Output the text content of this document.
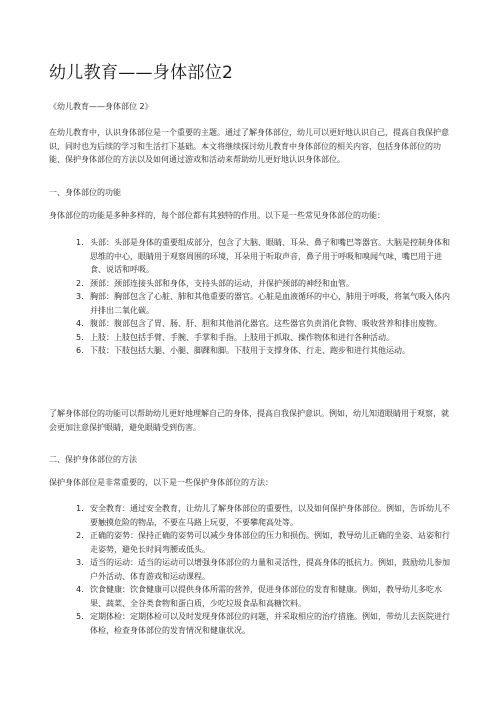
幼儿教育——身体部位2
《幼儿教育——身体部位 2》
在幼儿教育中，认识身体部位是一个重要的主题。通过了解身体部位，幼儿可以更好地认识自己，提高自我保护意识，同时也为后续的学习和生活打下基础。本文将继续探讨幼儿教育中身体部位的相关内容，包括身体部位的功能、保护身体部位的方法以及如何通过游戏和活动来帮助幼儿更好地认识身体部位。
一、身体部位的功能
身体部位的功能是多种多样的，每个部位都有其独特的作用。以下是一些常见身体部位的功能：
1. 头部：头部是身体的重要组成部分，包含了大脑、眼睛、耳朵、鼻子和嘴巴等器官。大脑是控制身体和思维的中心，眼睛用于观察周围的环境，耳朵用于听取声音，鼻子用于呼吸和嗅闻气味，嘴巴用于进食、说话和呼吸。
2. 颈部：颈部连接头部和身体，支持头部的运动，并保护颈部的神经和血管。
3. 胸部：胸部包含了心脏、肺和其他重要的器官。心脏是血液循环的中心，肺用于呼吸，将氧气吸入体内并排出二氧化碳。
4. 腹部：腹部包含了胃、肠、肝、胆和其他消化器官。这些器官负责消化食物、吸收营养和排出废物。
5. 上肢：上肢包括手臂、手腕、手掌和手指。上肢用于抓取、操作物体和进行各种活动。
6. 下肢：下肢包括大腿、小腿、脚踝和脚。下肢用于支撑身体、行走、跑步和进行其他运动。
了解身体部位的功能可以帮助幼儿更好地理解自己的身体，提高自我保护意识。例如，幼儿知道眼睛用于观察，就会更加注意保护眼睛，避免眼睛受到伤害。
二、保护身体部位的方法
保护身体部位是非常重要的，以下是一些保护身体部位的方法：
1. 安全教育：通过安全教育，让幼儿了解身体部位的重要性，以及如何保护身体部位。例如，告诉幼儿不要触摸危险的物品，不要在马路上玩耍，不要攀爬高处等。
2. 正确的姿势：保持正确的姿势可以减少身体部位的压力和损伤。例如，教导幼儿正确的坐姿、站姿和行走姿势，避免长时间弯腰或低头。
3. 适当的运动：适当的运动可以增强身体部位的力量和灵活性，提高身体的抵抗力。例如，鼓励幼儿参加户外活动、体育游戏和运动课程。
4. 饮食健康：饮食健康可以提供身体所需的营养，促进身体部位的发育和健康。例如，教导幼儿多吃水果、蔬菜、全谷类食物和蛋白质，少吃垃圾食品和高糖饮料。
5. 定期体检：定期体检可以及时发现身体部位的问题，并采取相应的治疗措施。例如，带幼儿去医院进行体检，检查身体部位的发育情况和健康状况。
